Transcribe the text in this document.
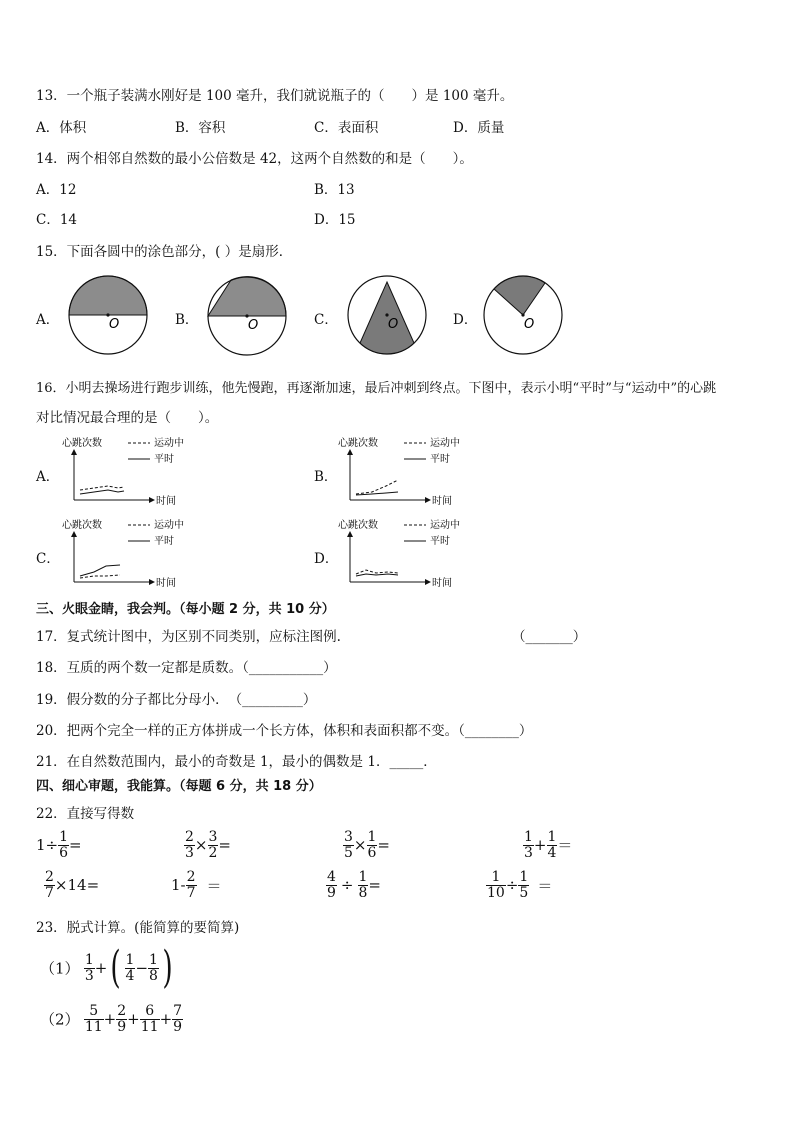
13．一个瓶子装满水刚好是 100 毫升，我们就说瓶子的（　　）是 100 毫升。
A．体积	B．容积	C．表面积	D．质量
14．两个相邻自然数的最小公倍数是 42，这两个自然数的和是（　　）。
A．12	B．13
C．14	D．15
15．下面各圆中的涂色部分，( ）是扇形．
A．	B．	C．	D．
O	O	O	O
16．小明去操场进行跑步训练，他先慢跑，再逐渐加速，最后冲刺到终点。下图中，表示小明“平时”与“运动中”的心跳
对比情况最合理的是（　　）。
A．	B．
C．	D．
心跳次数	运动中
平时
时间
心跳次数	运动中
平时
时间
心跳次数	运动中
平时
时间
心跳次数	运动中
平时
时间
三、火眼金睛，我会判。（每小题 2 分，共 10 分）
17．复式统计图中，为区别不同类别，应标注图例.	（_______）
18．互质的两个数一定都是质数。（___________）
19．假分数的分子都比分母小．　（_________）
20．把两个完全一样的正方体拼成一个长方体，体积和表面积都不变。（________）
21．在自然数范围内，最小的奇数是 1，最小的偶数是 1．_____．
四、细心审题，我能算。（每题 6 分，共 18 分）
22．直接写得数
$1\div \frac{1}{6}$ =	$\frac{2}{3} \times \frac{3}{2}$ =	$\frac{3}{5} \times \frac{1}{6}$ =	$\frac{1}{3} + \frac{1}{4}$ ＝
$\frac{2}{7} \times 14=$	$1- \frac{2}{7}$ ＝	$\frac{4}{9} \div \frac{1}{8}$ =	$\frac{1}{10} \div \frac{1}{5}$ ＝
23．脱式计算。(能简算的要简算)
$(1) \frac{1}{3}$ +( $\frac{1}{4} - \frac{1}{8}$ )
$(2) \frac{5}{11} + \frac{2}{9} + \frac{6}{11} + \frac{7}{9}$
